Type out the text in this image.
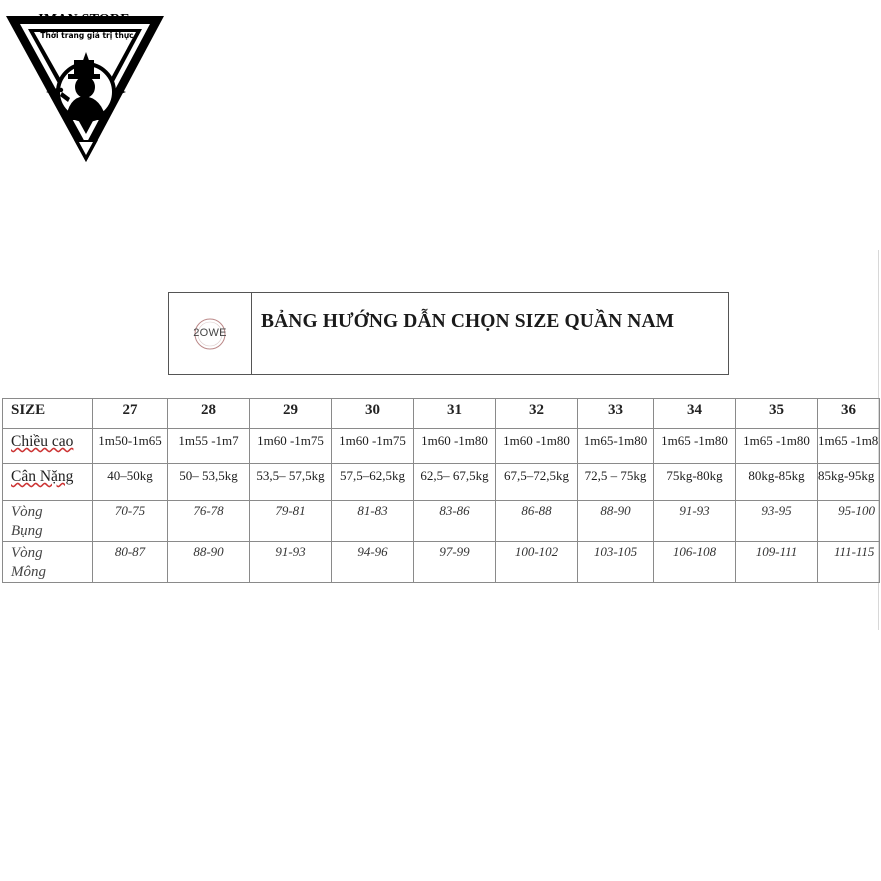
IMAN STORE
Thời trang giá trị thực
2OWE
BẢNG HƯỚNG DẪN CHỌN SIZE QUẦN NAM
SIZE	27	28	29	30	31	32	33	34	35	36
Chiều cao	1m50-1m65	1m55 -1m7	1m60 -1m75	1m60 -1m75	1m60 -1m80	1m60 -1m80	1m65-1m80	1m65 -1m80	1m65 -1m80	1m65 -1m8
Cân Nặng	40–50kg	50– 53,5kg	53,5– 57,5kg	57,5–62,5kg	62,5– 67,5kg	67,5–72,5kg	72,5 – 75kg	75kg-80kg	80kg-85kg	85kg-95kg
Vòng
Bụng	70-75	76-78	79-81	81-83	83-86	86-88	88-90	91-93	93-95	95-100
Vòng
Mông	80-87	88-90	91-93	94-96	97-99	100-102	103-105	106-108	109-111	111-115
